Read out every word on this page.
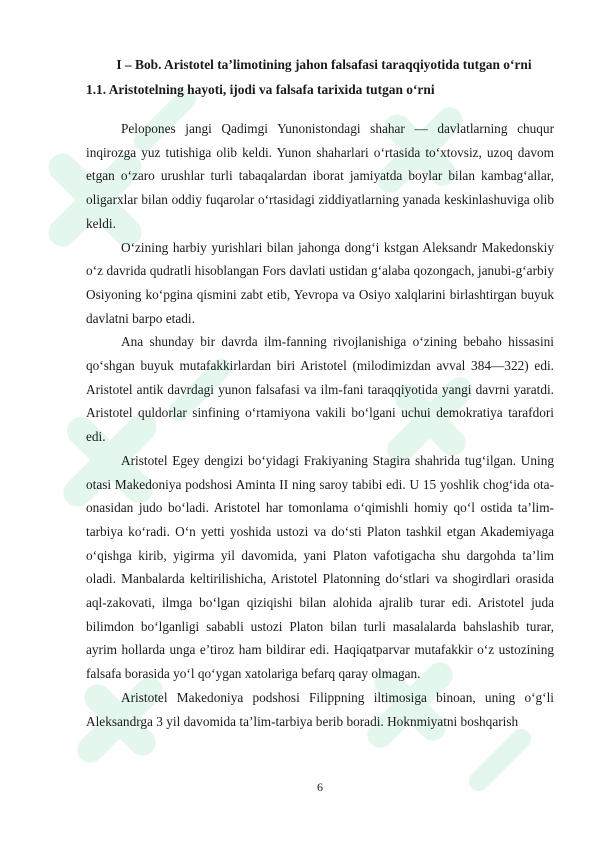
I – Bob. Aristotel ta’limotining jahon falsafasi taraqqiyotida tutgan o‘rni
1.1. Aristotelning hayoti, ijodi va falsafa tarixida tutgan o‘rni

Pelopones jangi Qadimgi Yunonistondagi shahar — davlatlarning chuqur inqirozga yuz tutishiga olib keldi. Yunon shaharlari o‘rtasida to‘xtovsiz, uzoq davom etgan o‘zaro urushlar turli tabaqalardan iborat jamiyatda boylar bilan kambag‘allar, oligarxlar bilan oddiy fuqarolar o‘rtasidagi ziddiyatlarning yanada keskinlashuviga olib keldi.

O‘zining harbiy yurishlari bilan jahonga dong‘i kstgan Aleksandr Makedonskiy o‘z davrida qudratli hisoblangan Fors davlati ustidan g‘alaba qozongach, janubi-g‘arbiy Osiyoning ko‘pgina qismini zabt etib, Yevropa va Osiyo xalqlarini birlashtirgan buyuk davlatni barpo etadi.

Ana shunday bir davrda ilm-fanning rivojlanishiga o‘zining bebaho hissasini qo‘shgan buyuk mutafakkirlardan biri Aristotel (milodimizdan avval 384—322) edi. Aristotel antik davrdagi yunon falsafasi va ilm-fani taraqqiyotida yangi davrni yaratdi. Aristotel quldorlar sinfining o‘rtamiyona vakili bo‘lgani uchui demokratiya tarafdori edi.

Aristotel Egey dengizi bo‘yidagi Frakiyaning Stagira shahrida tug‘ilgan. Uning otasi Makedoniya podshosi Aminta II ning saroy tabibi edi. U 15 yoshlik chog‘ida ota-onasidan judo bo‘ladi. Aristotel har tomonlama o‘qimishli homiy qo‘l ostida ta’lim-tarbiya ko‘radi. O‘n yetti yoshida ustozi va do‘sti Platon tashkil etgan Akademiyaga o‘qishga kirib, yigirma yil davomida, yani Platon vafotigacha shu dargohda ta’lim oladi. Manbalarda keltirilishicha, Aristotel Platonning do‘stlari va shogirdlari orasida aql-zakovati, ilmga bo‘lgan qiziqishi bilan alohida ajralib turar edi. Aristotel juda bilimdon bo‘lganligi sababli ustozi Platon bilan turli masalalarda bahslashib turar, ayrim hollarda unga e’tiroz ham bildirar edi. Haqiqatparvar mutafakkir o‘z ustozining falsafa borasida yo‘l qo‘ygan xatolariga befarq qaray olmagan.

Aristotel Makedoniya podshosi Filippning iltimosiga binoan, uning o‘g‘li Aleksandrga 3 yil davomida ta’lim-tarbiya berib boradi. Hoknmiyatni boshqarish

6
